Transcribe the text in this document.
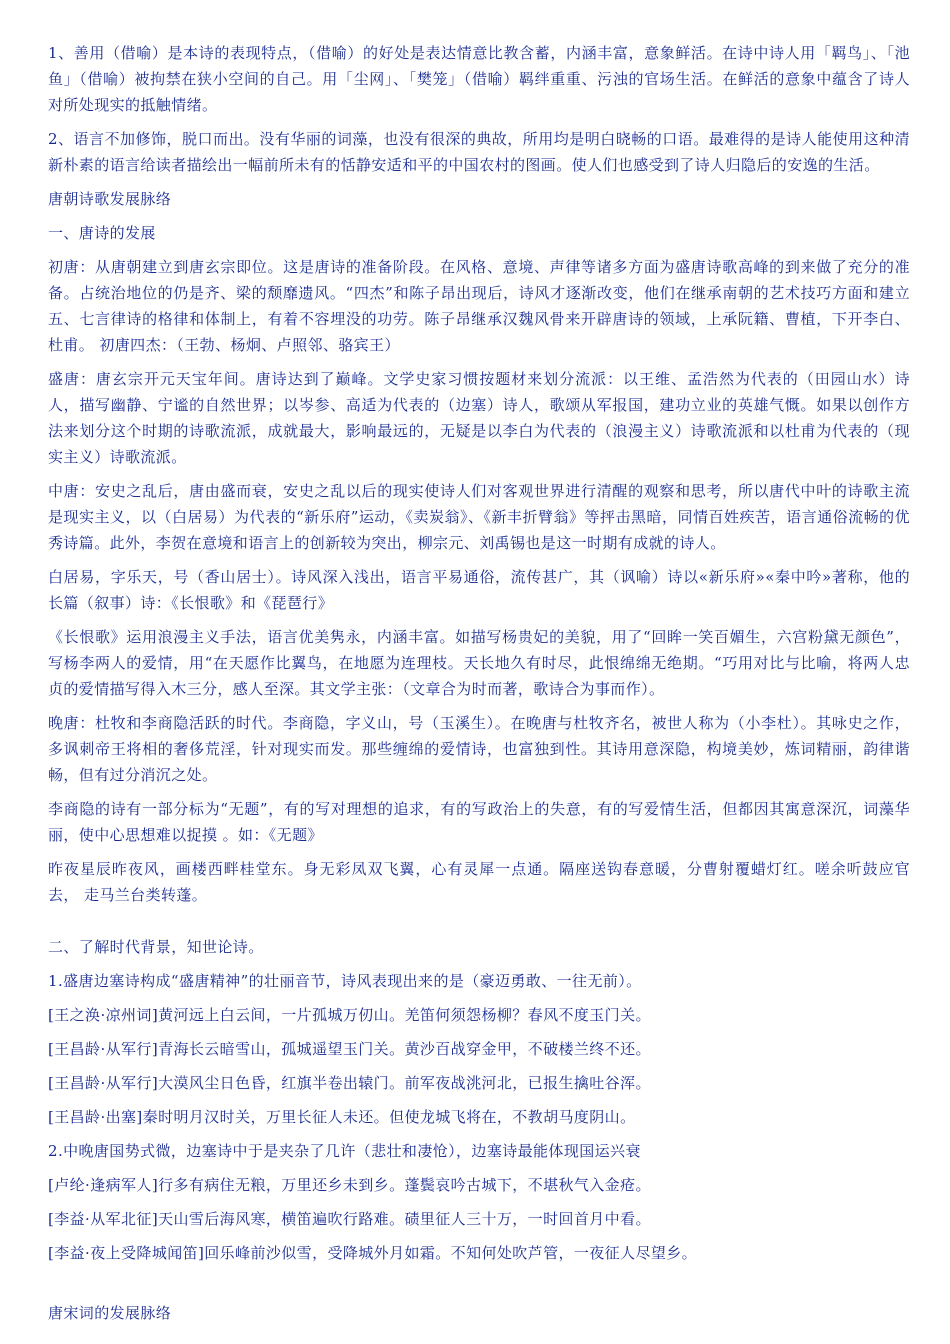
1、善用（借喻）是本诗的表现特点，（借喻）的好处是表达情意比教含蓄，内涵丰富，意象鲜活。在诗中诗人用「羁鸟」、「池鱼」（借喻）被拘禁在狭小空间的自己。用「尘网」、「樊笼」（借喻）羁绊重重、污浊的官场生活。在鲜活的意象中蕴含了诗人对所处现实的抵触情绪。

2、语言不加修饰，脱口而出。没有华丽的词藻，也没有很深的典故，所用均是明白晓畅的口语。最难得的是诗人能使用这种清新朴素的语言给读者描绘出一幅前所未有的恬静安适和平的中国农村的图画。使人们也感受到了诗人归隐后的安逸的生活。

唐朝诗歌发展脉络

一、唐诗的发展

初唐：从唐朝建立到唐玄宗即位。这是唐诗的准备阶段。在风格、意境、声律等诸多方面为盛唐诗歌高峰的到来做了充分的准备。占统治地位的仍是齐、梁的颓靡遗风。“四杰”和陈子昂出现后，诗风才逐渐改变，他们在继承南朝的艺术技巧方面和建立五、七言律诗的格律和体制上，有着不容埋没的功劳。陈子昂继承汉魏风骨来开辟唐诗的领域，上承阮籍、曹植，下开李白、杜甫。 初唐四杰：（王勃、杨炯、卢照邻、骆宾王）

盛唐：唐玄宗开元天宝年间。唐诗达到了巅峰。文学史家习惯按题材来划分流派：以王维、孟浩然为代表的（田园山水）诗人，描写幽静、宁谧的自然世界；以岑参、高适为代表的（边塞）诗人，歌颂从军报国，建功立业的英雄气慨。如果以创作方法来划分这个时期的诗歌流派，成就最大，影响最远的，无疑是以李白为代表的（浪漫主义）诗歌流派和以杜甫为代表的（现实主义）诗歌流派。

中唐：安史之乱后，唐由盛而衰，安史之乱以后的现实使诗人们对客观世界进行清醒的观察和思考，所以唐代中叶的诗歌主流是现实主义，以（白居易）为代表的“新乐府”运动，《卖炭翁》、《新丰折臂翁》等抨击黑暗，同情百姓疾苦，语言通俗流畅的优秀诗篇。此外，李贺在意境和语言上的创新较为突出，柳宗元、刘禹锡也是这一时期有成就的诗人。

白居易，字乐天，号（香山居士）。诗风深入浅出，语言平易通俗，流传甚广，其（讽喻）诗以«新乐府»«秦中吟»著称，他的长篇（叙事）诗：《长恨歌》和《琵琶行》

《长恨歌》运用浪漫主义手法，语言优美隽永，内涵丰富。如描写杨贵妃的美貌，用了“回眸一笑百媚生，六宫粉黛无颜色”，写杨李两人的爱情，用“在天愿作比翼鸟，在地愿为连理枝。天长地久有时尽，此恨绵绵无绝期。“巧用对比与比喻，将两人忠贞的爱情描写得入木三分，感人至深。其文学主张：（文章合为时而著，歌诗合为事而作）。

晚唐：杜牧和李商隐活跃的时代。李商隐，字义山，号（玉溪生）。在晚唐与杜牧齐名，被世人称为（小李杜）。其咏史之作，多讽刺帝王将相的奢侈荒淫，针对现实而发。那些缠绵的爱情诗，也富独到性。其诗用意深隐，构境美妙，炼词精丽，韵律谐畅，但有过分消沉之处。

李商隐的诗有一部分标为“无题”，有的写对理想的追求，有的写政治上的失意，有的写爱情生活，但都因其寓意深沉，词藻华丽，使中心思想难以捉摸 。如：《无题》

昨夜星辰昨夜风，画楼西畔桂堂东。身无彩凤双飞翼，心有灵犀一点通。隔座送钩春意暖，分曹射覆蜡灯红。嗟余听鼓应官去， 走马兰台类转蓬。

二、了解时代背景，知世论诗。

1.盛唐边塞诗构成“盛唐精神”的壮丽音节，诗风表现出来的是（豪迈勇敢、一往无前）。

[王之涣·凉州词]黄河远上白云间，一片孤城万仞山。羌笛何须怨杨柳？春风不度玉门关。

[王昌龄·从军行]青海长云暗雪山，孤城遥望玉门关。黄沙百战穿金甲，不破楼兰终不还。

[王昌龄·从军行]大漠风尘日色昏，红旗半卷出辕门。前军夜战洮河北，已报生擒吐谷浑。

[王昌龄·出塞]秦时明月汉时关，万里长征人未还。但使龙城飞将在，不教胡马度阴山。

2.中晚唐国势式微，边塞诗中于是夹杂了几许（悲壮和凄怆），边塞诗最能体现国运兴衰

[卢纶·逢病军人]行多有病住无粮，万里还乡未到乡。蓬鬓哀吟古城下，不堪秋气入金疮。

[李益·从军北征]天山雪后海风寒，横笛遍吹行路难。碛里征人三十万，一时回首月中看。

[李益·夜上受降城闻笛]回乐峰前沙似雪，受降城外月如霜。不知何处吹芦管，一夜征人尽望乡。

唐宋词的发展脉络
